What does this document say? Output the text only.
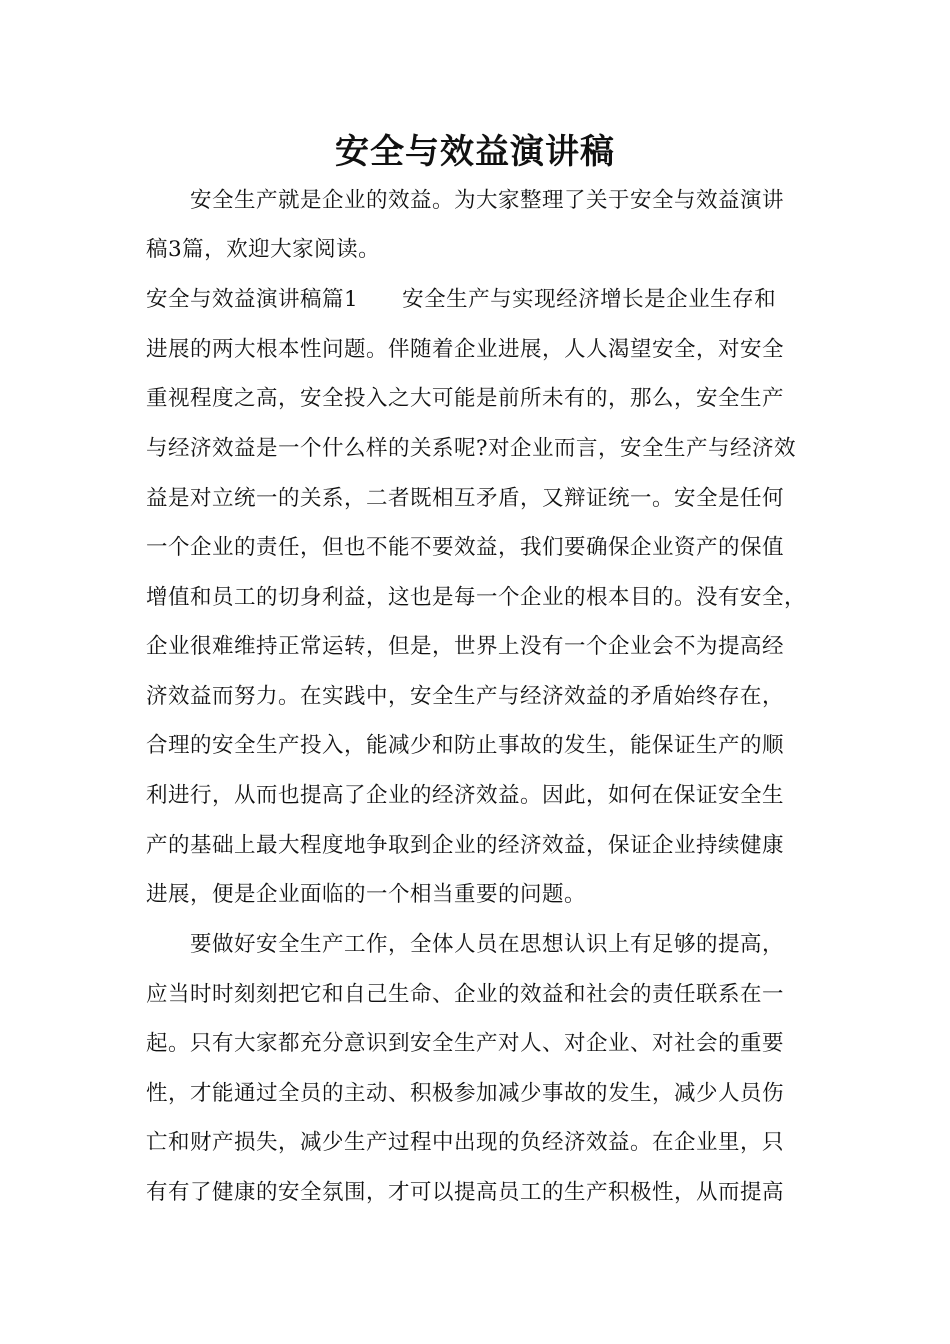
安全与效益演讲稿
　　安全生产就是企业的效益。为大家整理了关于安全与效益演讲
稿3篇，欢迎大家阅读。
安全与效益演讲稿篇1　　安全生产与实现经济增长是企业生存和
进展的两大根本性问题。伴随着企业进展，人人渴望安全，对安全
重视程度之高，安全投入之大可能是前所未有的，那么，安全生产
与经济效益是一个什么样的关系呢?对企业而言，安全生产与经济效
益是对立统一的关系，二者既相互矛盾，又辩证统一。安全是任何
一个企业的责任，但也不能不要效益，我们要确保企业资产的保值
增值和员工的切身利益，这也是每一个企业的根本目的。没有安全，
企业很难维持正常运转，但是，世界上没有一个企业会不为提高经
济效益而努力。在实践中，安全生产与经济效益的矛盾始终存在，
合理的安全生产投入，能减少和防止事故的发生，能保证生产的顺
利进行，从而也提高了企业的经济效益。因此，如何在保证安全生
产的基础上最大程度地争取到企业的经济效益，保证企业持续健康
进展，便是企业面临的一个相当重要的问题。
　　要做好安全生产工作，全体人员在思想认识上有足够的提高，
应当时时刻刻把它和自己生命、企业的效益和社会的责任联系在一
起。只有大家都充分意识到安全生产对人、对企业、对社会的重要
性，才能通过全员的主动、积极参加减少事故的发生，减少人员伤
亡和财产损失，减少生产过程中出现的负经济效益。在企业里，只
有有了健康的安全氛围，才可以提高员工的生产积极性，从而提高
